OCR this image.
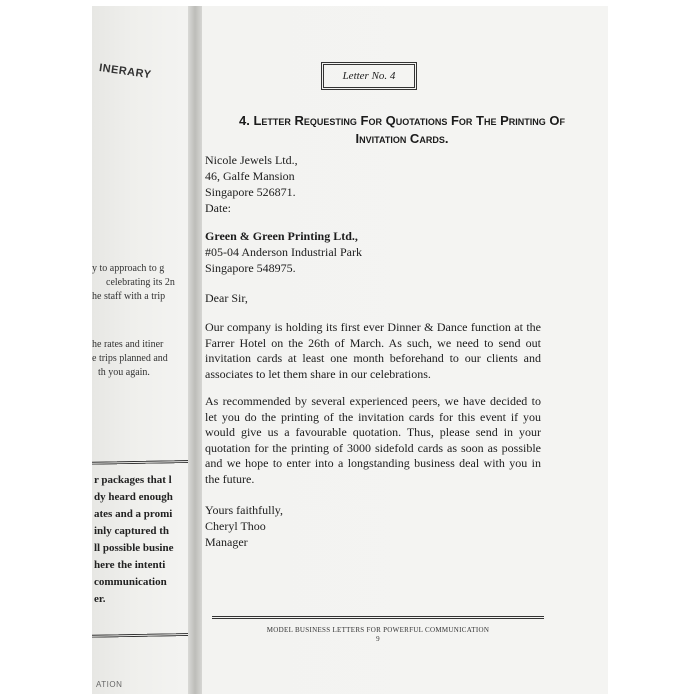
INERARY
y to approach to g
celebrating its 2n
he staff with a trip
he rates and itiner
e trips planned and
th you again.
r packages that l
dy heard enough
ates and a promi
inly captured th
ll possible busine
here the intenti
communication
er.
ATION
Letter No. 4
4. Letter Requesting For Quotations For The Printing Of
Invitation Cards.
Nicole Jewels Ltd.,
46, Galfe Mansion
Singapore 526871.
Date:
Green & Green Printing Ltd.,
#05-04 Anderson Industrial Park
Singapore 548975.
Dear Sir,
Our company is holding its first ever Dinner & Dance function at the Farrer Hotel on the 26th of March. As such, we need to send out invitation cards at least one month beforehand to our clients and associates to let them share in our celebrations.
As recommended by several experienced peers, we have decided to let you do the printing of the invitation cards for this event if you would give us a favourable quotation. Thus, please send in your quotation for the printing of 3000 sidefold cards as soon as possible and we hope to enter into a longstanding business deal with you in the future.
Yours faithfully,
Cheryl Thoo
Manager
MODEL BUSINESS LETTERS FOR POWERFUL COMMUNICATION
9
